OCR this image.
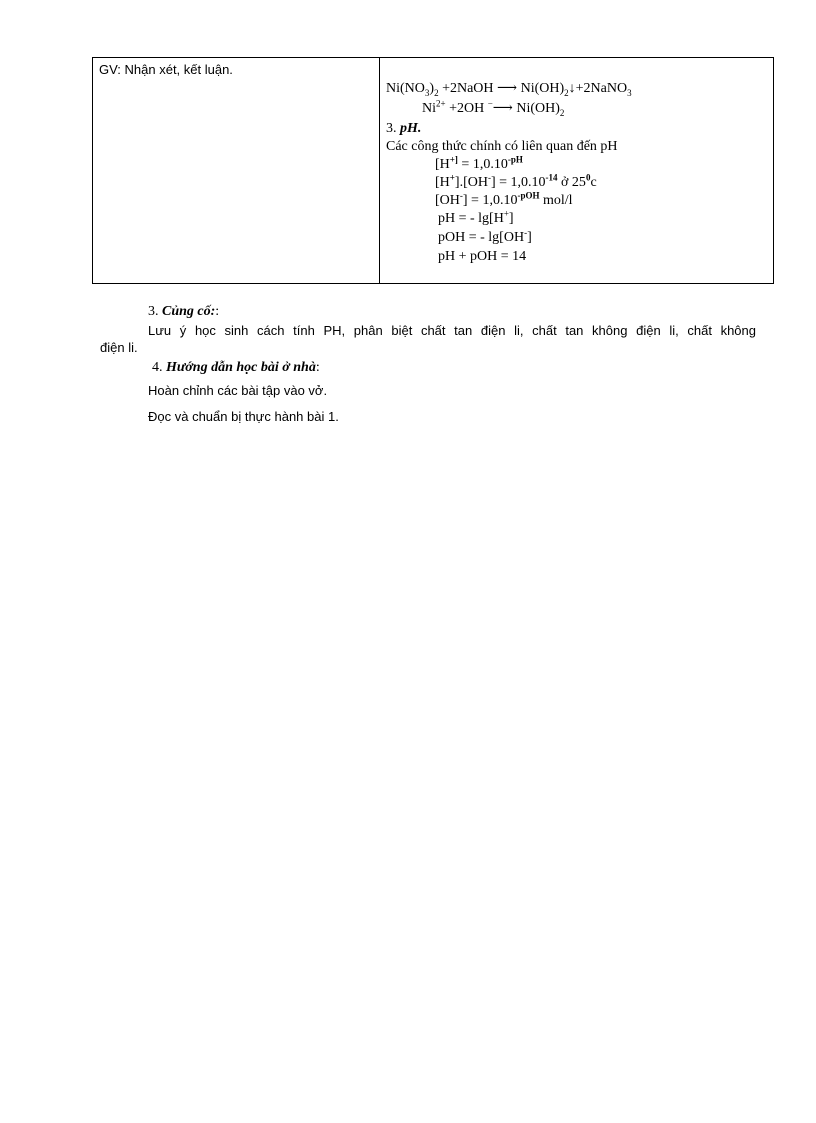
GV: Nhận xét, kết luận.

$Ni(NO_3)_2$ +2NaOH ⟶ $Ni(OH)_2↓+2NaNO_3$
$Ni^{2+} +2OH$ −⟶ $Ni(OH)_2$
3. pH.
Các công thức chính có liên quan đến pH
[$H^{+]} = 1,0.10^{-pH}$
$[H^+].[OH^-] = 1,0.10^{-14}$ ở $25^0c$
$[OH^-] = 1,0.10^{-pOH}$ mol/l
pH = - lg[H+]
pOH = - lg[OH-]
pH + pOH = 14
3. Củng cố::
Lưu ý học sinh cách tính PH, phân biệt chất tan điện li, chất tan không điện li, chất không
điện li.
4. Hướng dẫn học bài ở nhà:
Hoàn chỉnh các bài tập vào vở.
Đọc và chuẩn bị thực hành bài 1.
